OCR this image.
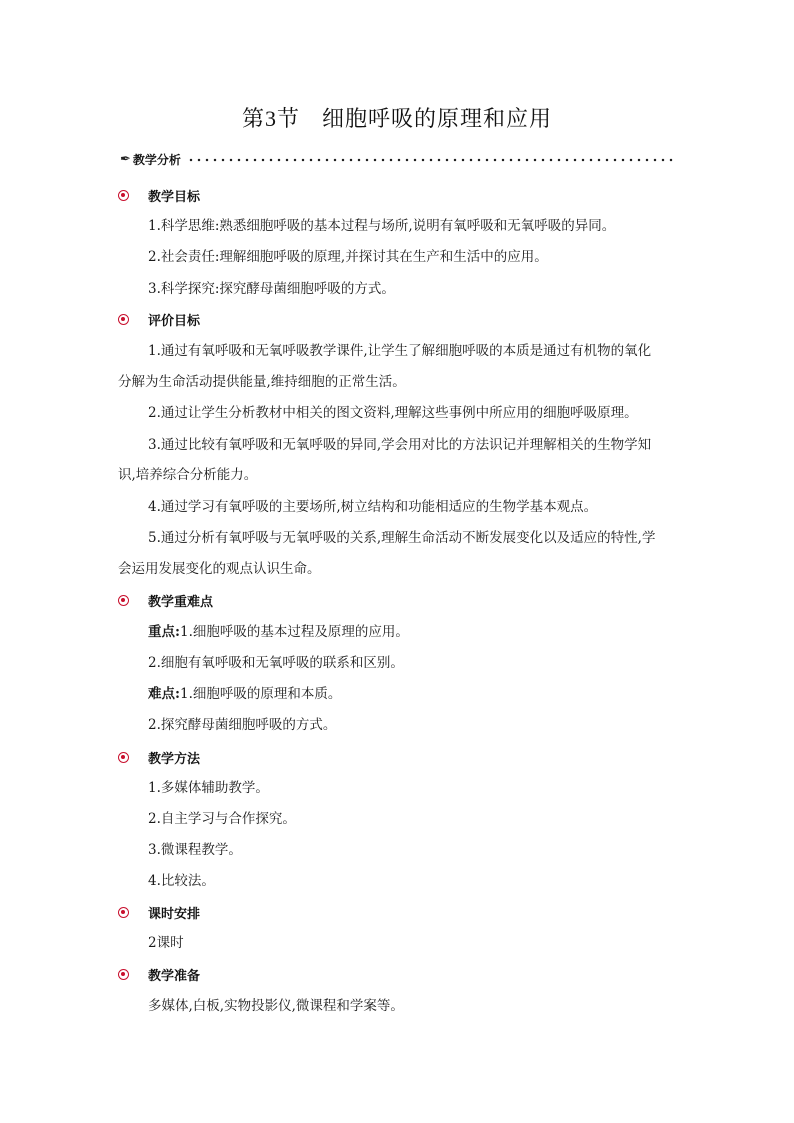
第3节 细胞呼吸的原理和应用
✒ 教学分析
教学目标
1.科学思维:熟悉细胞呼吸的基本过程与场所,说明有氧呼吸和无氧呼吸的异同。
2.社会责任:理解细胞呼吸的原理,并探讨其在生产和生活中的应用。
3.科学探究:探究酵母菌细胞呼吸的方式。
评价目标
1.通过有氧呼吸和无氧呼吸教学课件,让学生了解细胞呼吸的本质是通过有机物的氧化
分解为生命活动提供能量,维持细胞的正常生活。
2.通过让学生分析教材中相关的图文资料,理解这些事例中所应用的细胞呼吸原理。
3.通过比较有氧呼吸和无氧呼吸的异同,学会用对比的方法识记并理解相关的生物学知
识,培养综合分析能力。
4.通过学习有氧呼吸的主要场所,树立结构和功能相适应的生物学基本观点。
5.通过分析有氧呼吸与无氧呼吸的关系,理解生命活动不断发展变化以及适应的特性,学
会运用发展变化的观点认识生命。
教学重难点
重点:1.细胞呼吸的基本过程及原理的应用。
2.细胞有氧呼吸和无氧呼吸的联系和区别。
难点:1.细胞呼吸的原理和本质。
2.探究酵母菌细胞呼吸的方式。
教学方法
1.多媒体辅助教学。
2.自主学习与合作探究。
3.微课程教学。
4.比较法。
课时安排
2课时
教学准备
多媒体,白板,实物投影仪,微课程和学案等。
